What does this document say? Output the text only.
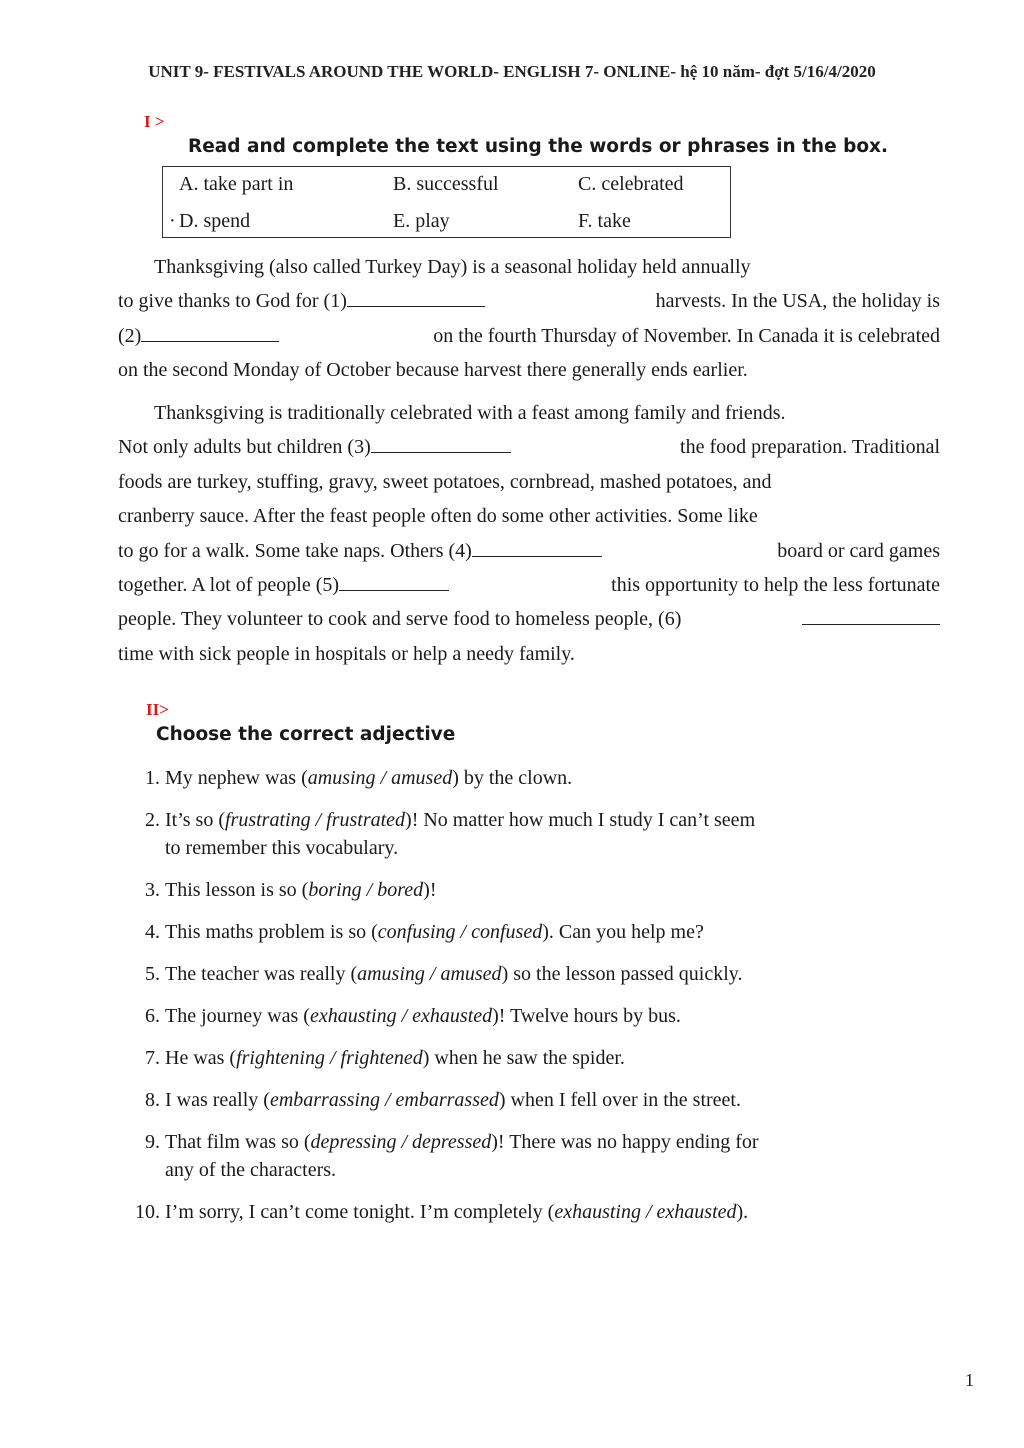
UNIT 9- FESTIVALS AROUND THE WORLD- ENGLISH 7- ONLINE- hệ 10 năm- đợt 5/16/4/2020
I >
Read and complete the text using the words or phrases in the box.
A. take part in	B. successful	C. celebrated
· D. spend	E. play	F. take
Thanksgiving (also called Turkey Day) is a seasonal holiday held annually
to give thanks to God for (1)	harvests. In the USA, the holiday is
(2)	on the fourth Thursday of November. In Canada it is celebrated
on the second Monday of October because harvest there generally ends earlier.
Thanksgiving is traditionally celebrated with a feast among family and friends.
Not only adults but children (3)	the food preparation. Traditional
foods are turkey, stuffing, gravy, sweet potatoes, cornbread, mashed potatoes, and
cranberry sauce. After the feast people often do some other activities. Some like
to go for a walk. Some take naps. Others (4)	board or card games
together. A lot of people (5)	this opportunity to help the less fortunate
people. They volunteer to cook and serve food to homeless people, (6)
time with sick people in hospitals or help a needy family.
II>
Choose the correct adjective
1. My nephew was (amusing / amused) by the clown.
2. It’s so (frustrating / frustrated)! No matter how much I study I can’t seem
to remember this vocabulary.
3. This lesson is so (boring / bored)!
4. This maths problem is so (confusing / confused). Can you help me?
5. The teacher was really (amusing / amused) so the lesson passed quickly.
6. The journey was (exhausting / exhausted)! Twelve hours by bus.
7. He was (frightening / frightened) when he saw the spider.
8. I was really (embarrassing / embarrassed) when I fell over in the street.
9. That film was so (depressing / depressed)! There was no happy ending for
any of the characters.
10. I’m sorry, I can’t come tonight. I’m completely (exhausting / exhausted).
1
